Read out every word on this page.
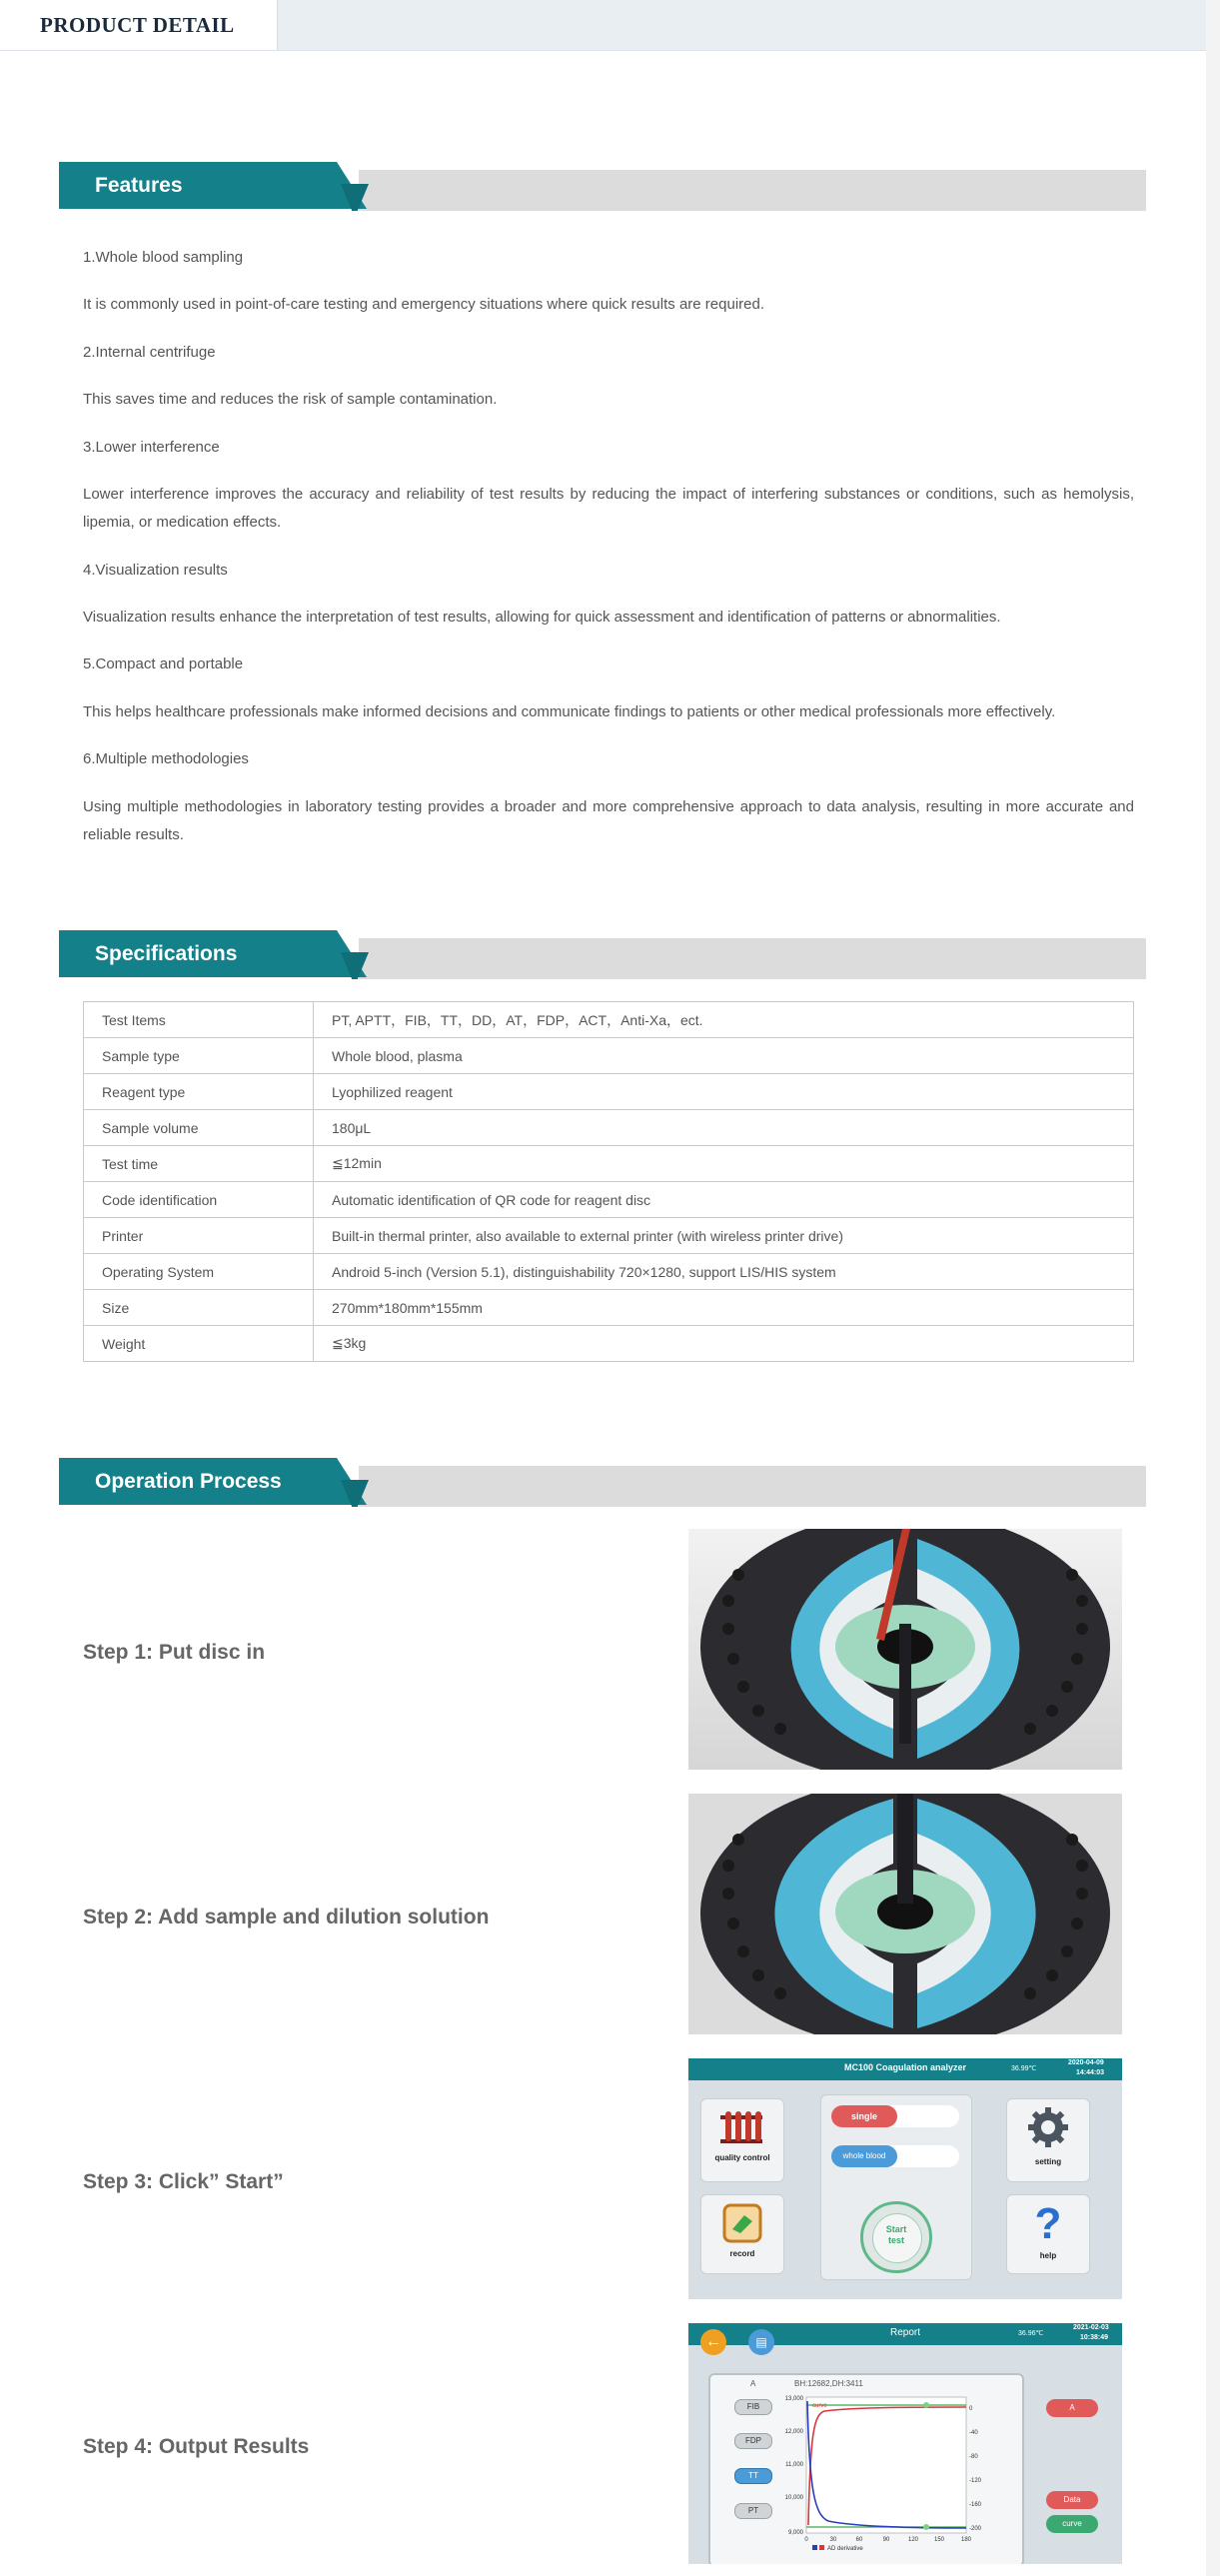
PRODUCT DETAIL
Features

1.Whole blood sampling

It is commonly used in point-of-care testing and emergency situations where quick results are required.

2.Internal centrifuge

This saves time and reduces the risk of sample contamination.

3.Lower interference

Lower interference improves the accuracy and reliability of test results by reducing the impact of interfering substances or conditions, such as hemolysis, lipemia, or medication effects.

4.Visualization results

Visualization results enhance the interpretation of test results, allowing for quick assessment and identification of patterns or abnormalities.

5.Compact and portable

This helps healthcare professionals make informed decisions and communicate findings to patients or other medical professionals more effectively.

6.Multiple methodologies

Using multiple methodologies in laboratory testing provides a broader and more comprehensive approach to data analysis, resulting in more accurate and reliable results.

Specifications
Test Items	PT, APTT，FIB，TT，DD，AT，FDP，ACT，Anti-Xa，ect.
Sample type	Whole blood, plasma
Reagent type	Lyophilized reagent
Sample volume	180μL
Test time	≦12min
Code identification	Automatic identification of QR code for reagent disc
Printer	Built-in thermal printer, also available to external printer (with wireless printer drive)
Operating System	Android 5-inch (Version 5.1), distinguishability 720×1280, support LIS/HIS system
Size	270mm*180mm*155mm
Weight	≦3kg
Operation Process
Step 1: Put disc in
Step 2: Add sample and dilution solution
Step 3: Click” Start”
Step 4: Output Results
MC100 Coagulation analyzer	36.99℃
2020-04-09
14:44:03
quality control
record
single
whole blood
Start test
setting
?
help
Report	36.96℃
2021-02-03
10:38:49
←	▤
A	BH:12682,DH:3411
FIB
FDP
TT
PT
curve
13,000
12,000
11,000
10,000
9,000
0
-40
-80
-120
-160
-200
0	30	60	90	120	150	180
AD derivative
A
Data
curve
